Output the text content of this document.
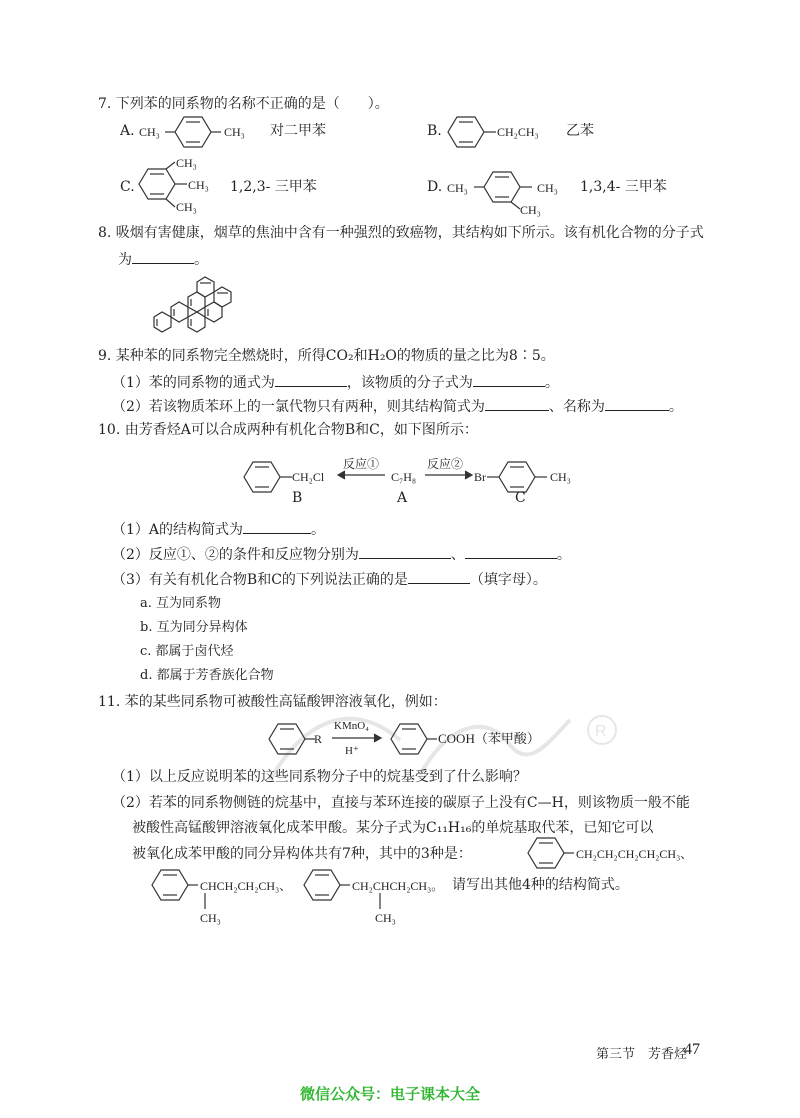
7. 下列苯的同系物的名称不正确的是（　　）。
A. CH₃	CH₃ 对二甲苯	B.	CH₂CH₃ 乙苯
C.
CH₃
CH₃
CH₃
1,2,3- 三甲苯	D. CH₃	CH₃
CH₃
1,3,4- 三甲苯
8. 吸烟有害健康，烟草的焦油中含有一种强烈的致癌物，其结构如下所示。该有机化合物的分子式
为	。
9. 某种苯的同系物完全燃烧时，所得CO₂和H₂O的物质的量之比为8∶5。
（1）苯的同系物的通式为	，该物质的分子式为	。
（2）若该物质苯环上的一氯代物只有两种，则其结构简式为	、名称为	。
10. 由芳香烃A可以合成两种有机化合物B和C，如下图所示：
CH₂Cl
B
反应①
C₇H₈
A
反应②
Br	CH₃
C
（1）A的结构简式为	。
（2）反应①、②的条件和反应物分别为	、	。
（3）有关有机化合物B和C的下列说法正确的是	（填字母）。
a. 互为同系物
b. 互为同分异构体
c. 都属于卤代烃
d. 都属于芳香族化合物
11. 苯的某些同系物可被酸性高锰酸钾溶液氧化，例如：
R
R
KMnO₄
H⁺
COOH（苯甲酸）
（1）以上反应说明苯的这些同系物分子中的烷基受到了什么影响？
（2）若苯的同系物侧链的烷基中，直接与苯环连接的碳原子上没有C—H，则该物质一般不能
被酸性高锰酸钾溶液氧化成苯甲酸。某分子式为C₁₁H₁₆的单烷基取代苯，已知它可以
被氧化成苯甲酸的同分异构体共有7种，其中的3种是：	CH₂CH₂CH₂CH₂CH₃、
CHCH₂CH₂CH₃、
CH₃
CH₂CHCH₂CH₃。
CH₃
请写出其他4种的结构简式。
第三节　芳香烃
47
微信公众号：电子课本大全
